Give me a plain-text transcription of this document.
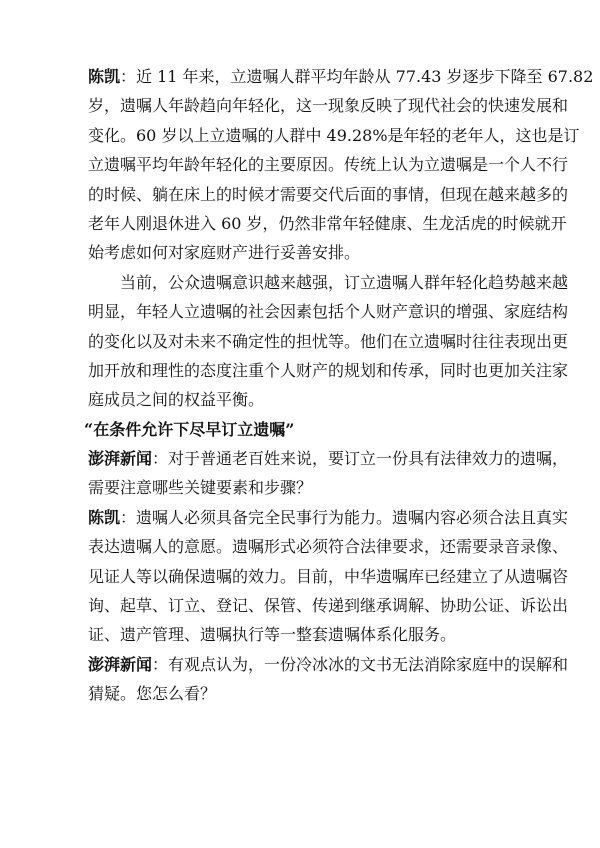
陈凯：近 11 年来，立遗嘱人群平均年龄从 77.43 岁逐步下降至 67.82
岁，遗嘱人年龄趋向年轻化，这一现象反映了现代社会的快速发展和
变化。60 岁以上立遗嘱的人群中 49.28%是年轻的老年人，这也是订
立遗嘱平均年龄年轻化的主要原因。传统上认为立遗嘱是一个人不行
的时候、躺在床上的时候才需要交代后面的事情，但现在越来越多的
老年人刚退休进入 60 岁，仍然非常年轻健康、生龙活虎的时候就开
始考虑如何对家庭财产进行妥善安排。
当前，公众遗嘱意识越来越强，订立遗嘱人群年轻化趋势越来越
明显，年轻人立遗嘱的社会因素包括个人财产意识的增强、家庭结构
的变化以及对未来不确定性的担忧等。他们在立遗嘱时往往表现出更
加开放和理性的态度注重个人财产的规划和传承，同时也更加关注家
庭成员之间的权益平衡。
“在条件允许下尽早订立遗嘱”
澎湃新闻：对于普通老百姓来说，要订立一份具有法律效力的遗嘱，
需要注意哪些关键要素和步骤？
陈凯：遗嘱人必须具备完全民事行为能力。遗嘱内容必须合法且真实
表达遗嘱人的意愿。遗嘱形式必须符合法律要求，还需要录音录像、
见证人等以确保遗嘱的效力。目前，中华遗嘱库已经建立了从遗嘱咨
询、起草、订立、登记、保管、传递到继承调解、协助公证、诉讼出
证、遗产管理、遗嘱执行等一整套遗嘱体系化服务。
澎湃新闻：有观点认为，一份冷冰冰的文书无法消除家庭中的误解和
猜疑。您怎么看？
